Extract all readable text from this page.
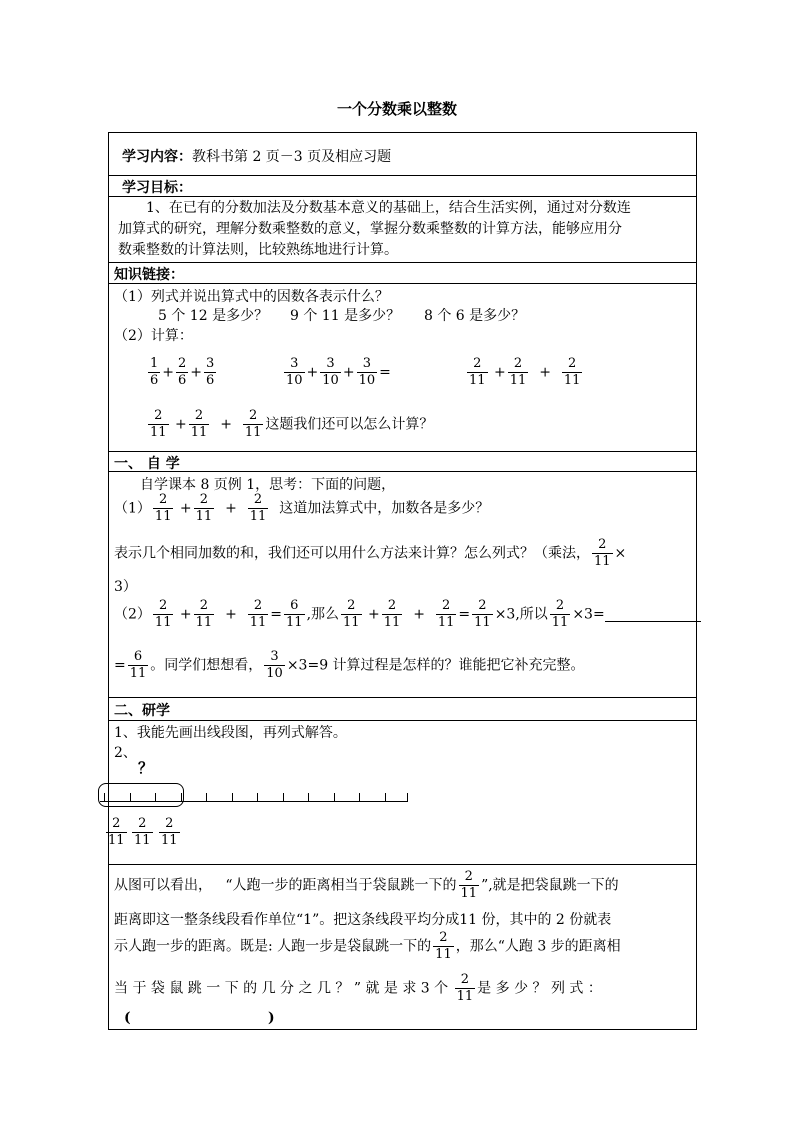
一个分数乘以整数
学习内容：教科书第 2 页－3 页及相应习题
学习目标：
1、在已有的分数加法及分数基本意义的基础上，结合生活实例，通过对分数连
加算式的研究，理解分数乘整数的意义，掌握分数乘整数的计算方法，能够应用分
数乘整数的计算法则，比较熟练地进行计算。
知识链接：
（1）列式并说出算式中的因数各表示什么？
5 个 12 是多少？ 9 个 11 是多少？ 8 个 6 是多少？
（2）计算：
$\frac{1}{6} + \frac{2}{6} + \frac{3}{6}$	$\frac{3}{10} + \frac{3}{10} + \frac{3}{10}$ =	$\frac{2}{11} + \frac{2}{11} + \frac{2}{11}$
$\frac{2}{11} + \frac{2}{11} + \frac{2}{11}$ 这题我们还可以怎么计算？
一、 自 学
自学课本 8 页例 1，思考：下面的问题，
$(1) \frac{2}{11} + \frac{2}{11} + \frac{2}{11}$ 这道加法算式中，加数各是多少？
表示几个相同加数的和，我们还可以用什么方法来计算？怎么列式？（乘法， $\frac{2}{11}$ ×
3）
$(2) \frac{2}{11} + \frac{2}{11} + \frac{2}{11} = \frac{6}{11}$ ,那么 $\frac{2}{11} + \frac{2}{11} + \frac{2}{11} = \frac{2}{11} \times 3$,所以 $\frac{2}{11} \times 3=$
= $\frac{6}{11}$ 。同学们想想看， $\frac{3}{10} \times 3=9$ 计算过程是怎样的？谁能把它补充完整。
二、研学
1、我能先画出线段图，再列式解答。
2、
？
$\frac{2}{11} \frac{2}{11} \frac{2}{11}$
从图可以看出， “人跑一步的距离相当于袋鼠跳一下的 $\frac{2}{11}$ ”,就是把袋鼠跳一下的
距离即这一整条线段看作单位“1”。把这条线段平均分成11 份，其中的 2 份就表
示人跑一步的距离。既是: 人跑一步是袋鼠跳一下的 $\frac{2}{11}$ ，那么“人跑 3 步的距离相
当 于 袋 鼠 跳 一 下 的 几 分 之 几 ？ ” 就 是 求 3 个 $\frac{2}{11}$ 是 多 少 ？ 列 式 ：
(	)
